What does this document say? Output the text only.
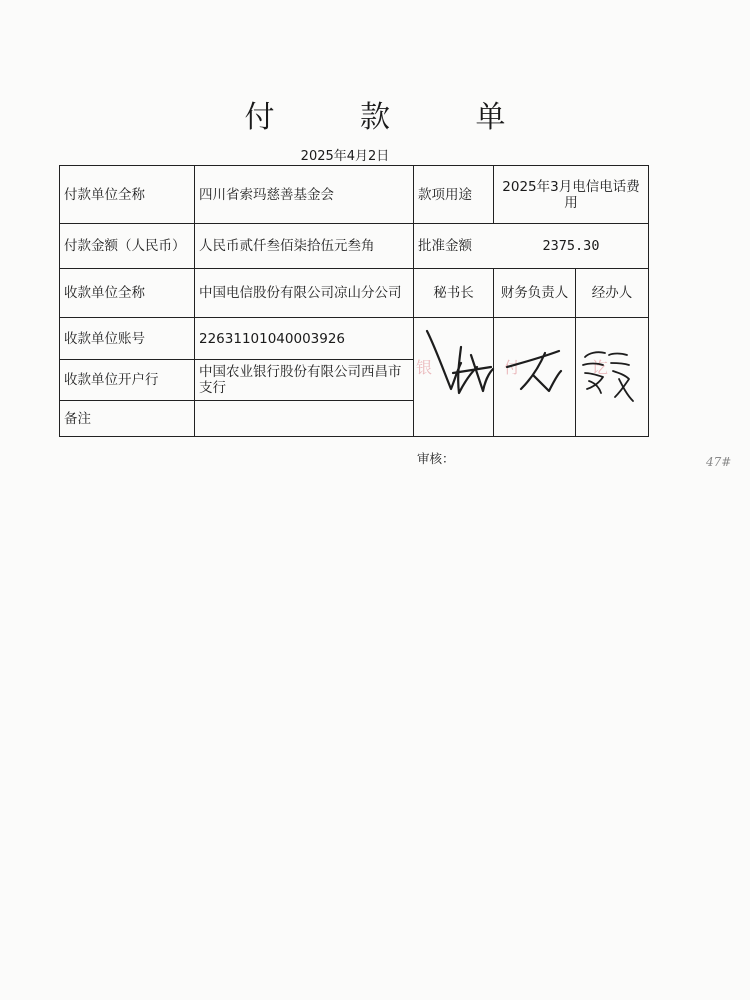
付 款 单
2025年4月2日
付款单位全称	四川省索玛慈善基金会	款项用途	2025年3月电信电话费用
付款金额（人民币）	人民币贰仟叁佰柒拾伍元叁角	批准金额	2375.30
收款单位全称	中国电信股份有限公司凉山分公司	秘书长	财务负责人	经办人
收款单位账号	22631101040003926
收款单位开户行	中国农业银行股份有限公司西昌市支行
备注
银　付　讫
审核：	47#
